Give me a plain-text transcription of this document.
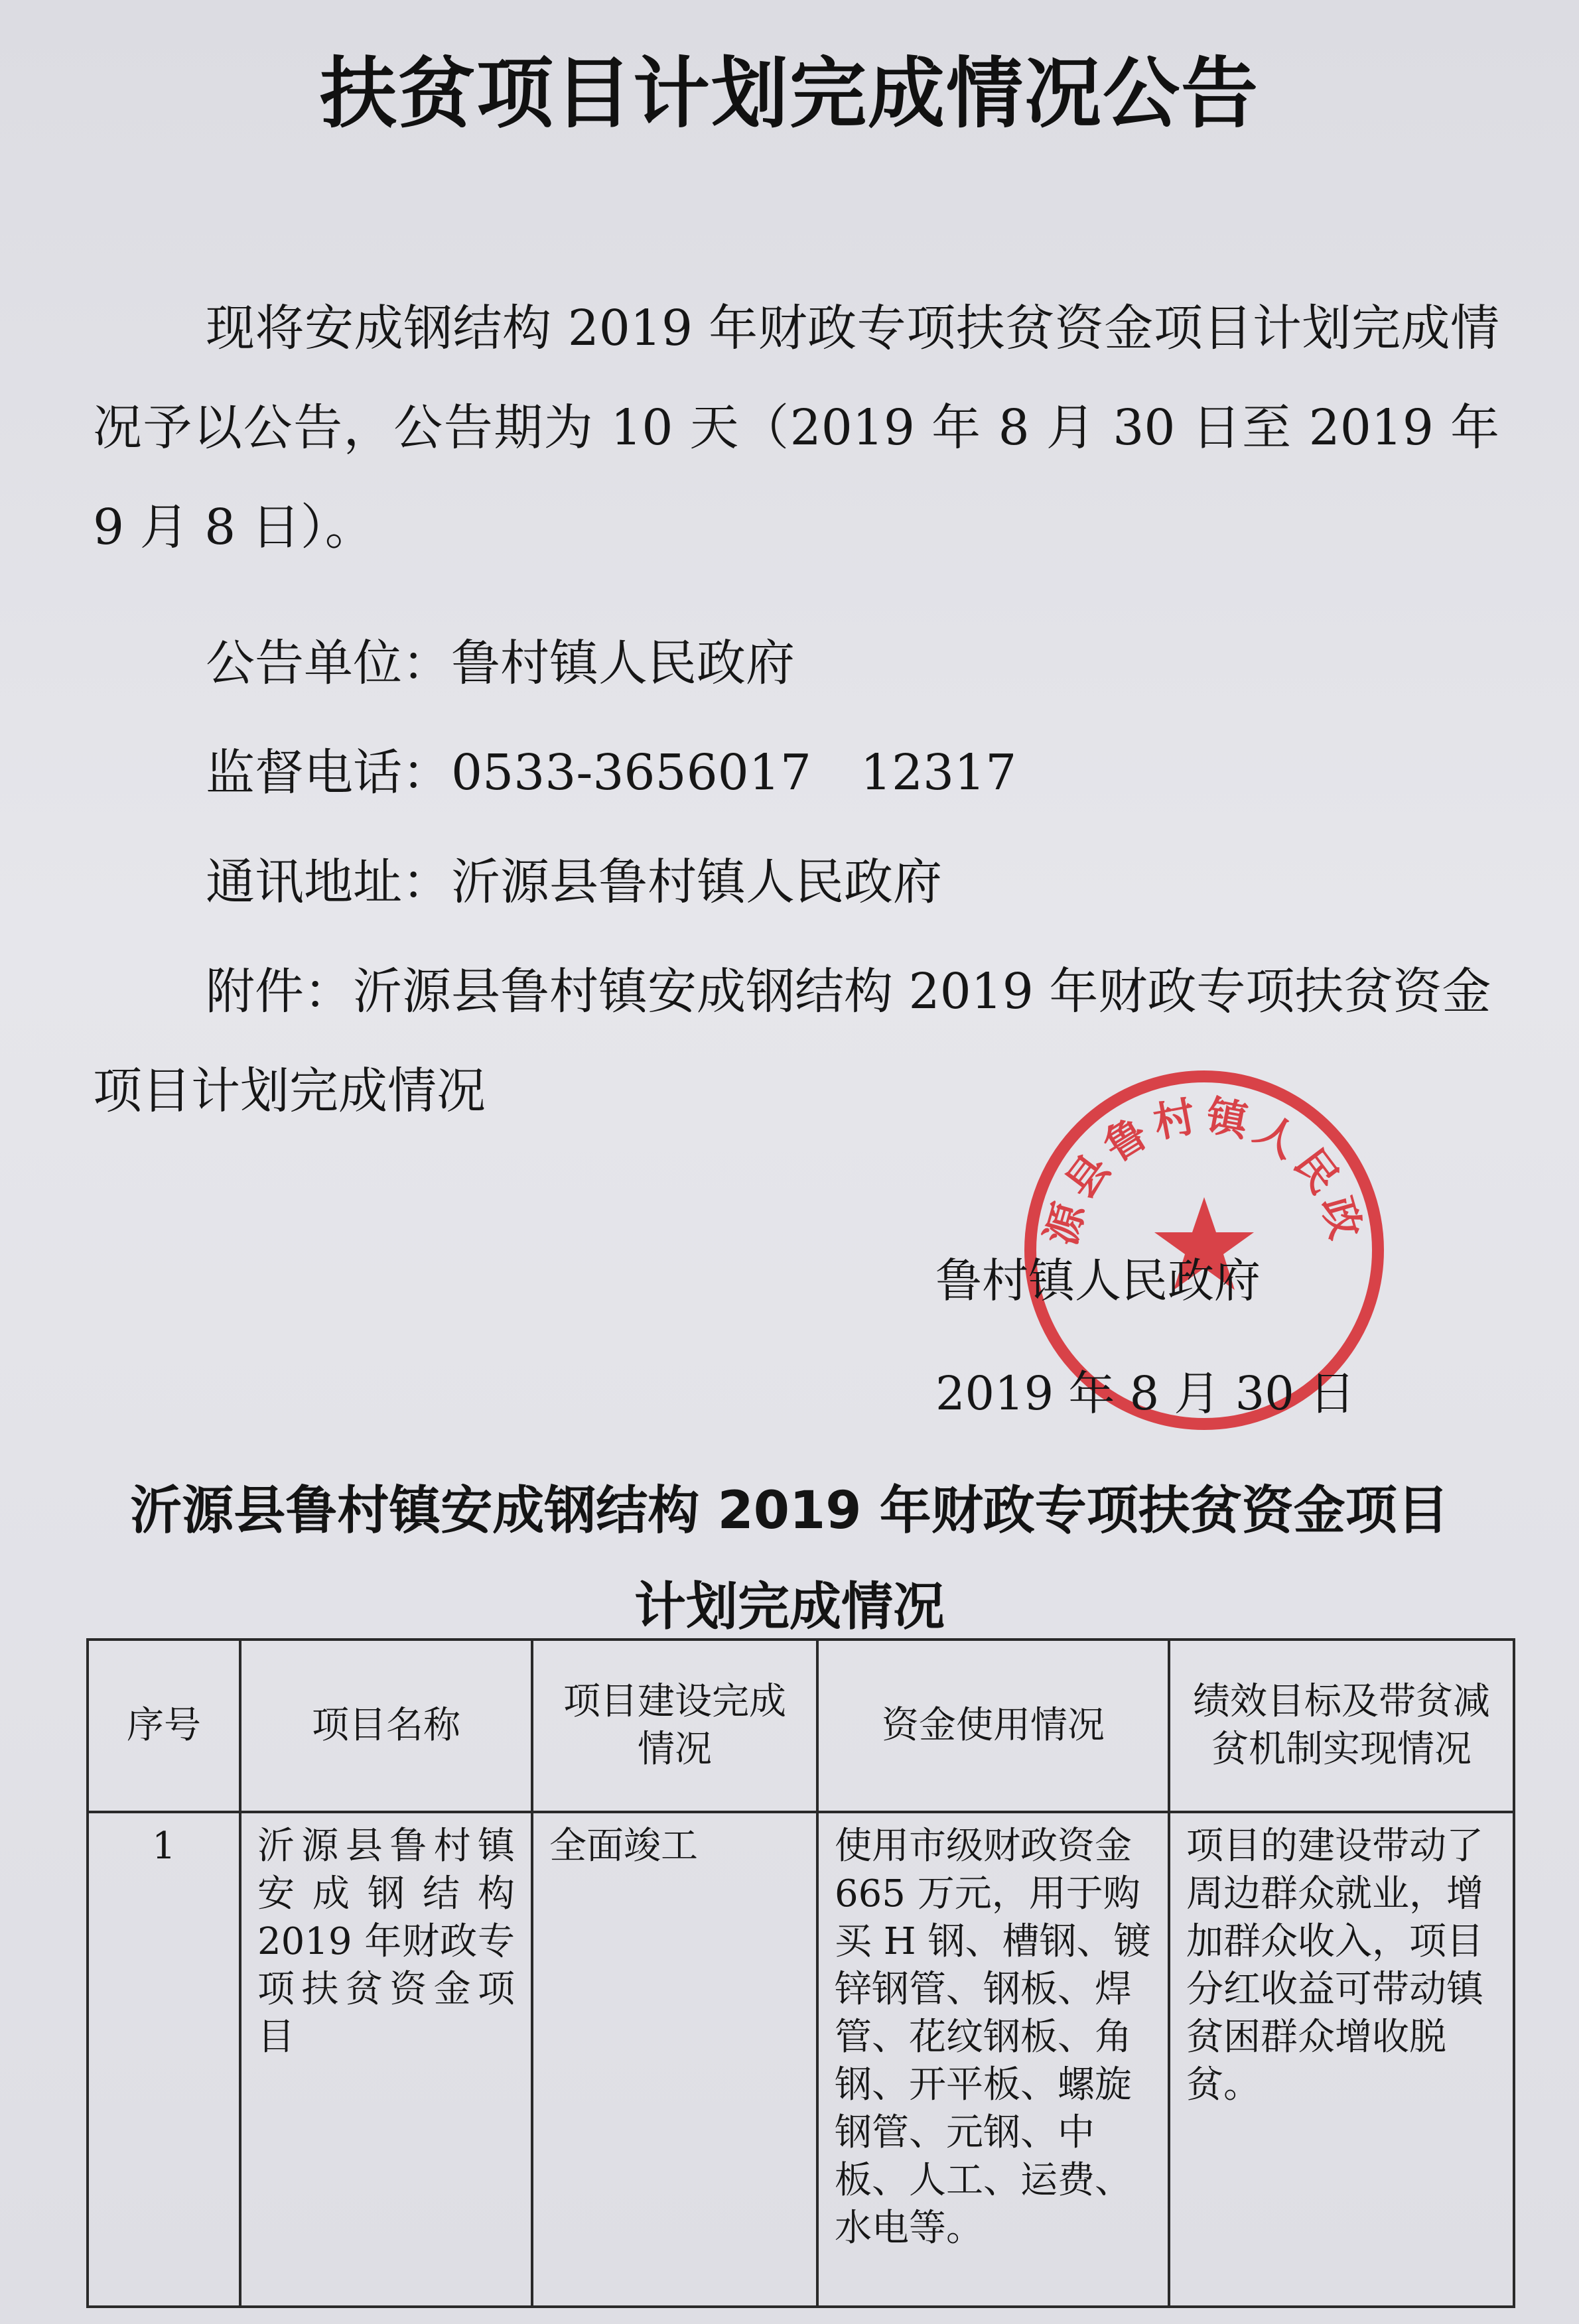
扶贫项目计划完成情况公告
现将安成钢结构 2019 年财政专项扶贫资金项目计划完成情况予以公告，公告期为 10 天（2019 年 8 月 30 日至 2019 年 9 月 8 日）。
公告单位：鲁村镇人民政府
监督电话：0533-3656017　12317
通讯地址：沂源县鲁村镇人民政府
附件：沂源县鲁村镇安成钢结构 2019 年财政专项扶贫资金项目计划完成情况
源县鲁村镇人民政
鲁村镇人民政府
2019 年 8 月 30 日
沂源县鲁村镇安成钢结构 2019 年财政专项扶贫资金项目
计划完成情况
序号	项目名称	项目建设完成情况	资金使用情况	绩效目标及带贫减贫机制实现情况
1	沂源县鲁村镇安成钢结构 2019 年财政专项扶贫资金项目	全面竣工	使用市级财政资金 665 万元，用于购买 H 钢、槽钢、镀锌钢管、钢板、焊管、花纹钢板、角钢、开平板、螺旋钢管、元钢、中板、人工、运费、水电等。	项目的建设带动了周边群众就业，增加群众收入，项目分红收益可带动镇贫困群众增收脱贫。
